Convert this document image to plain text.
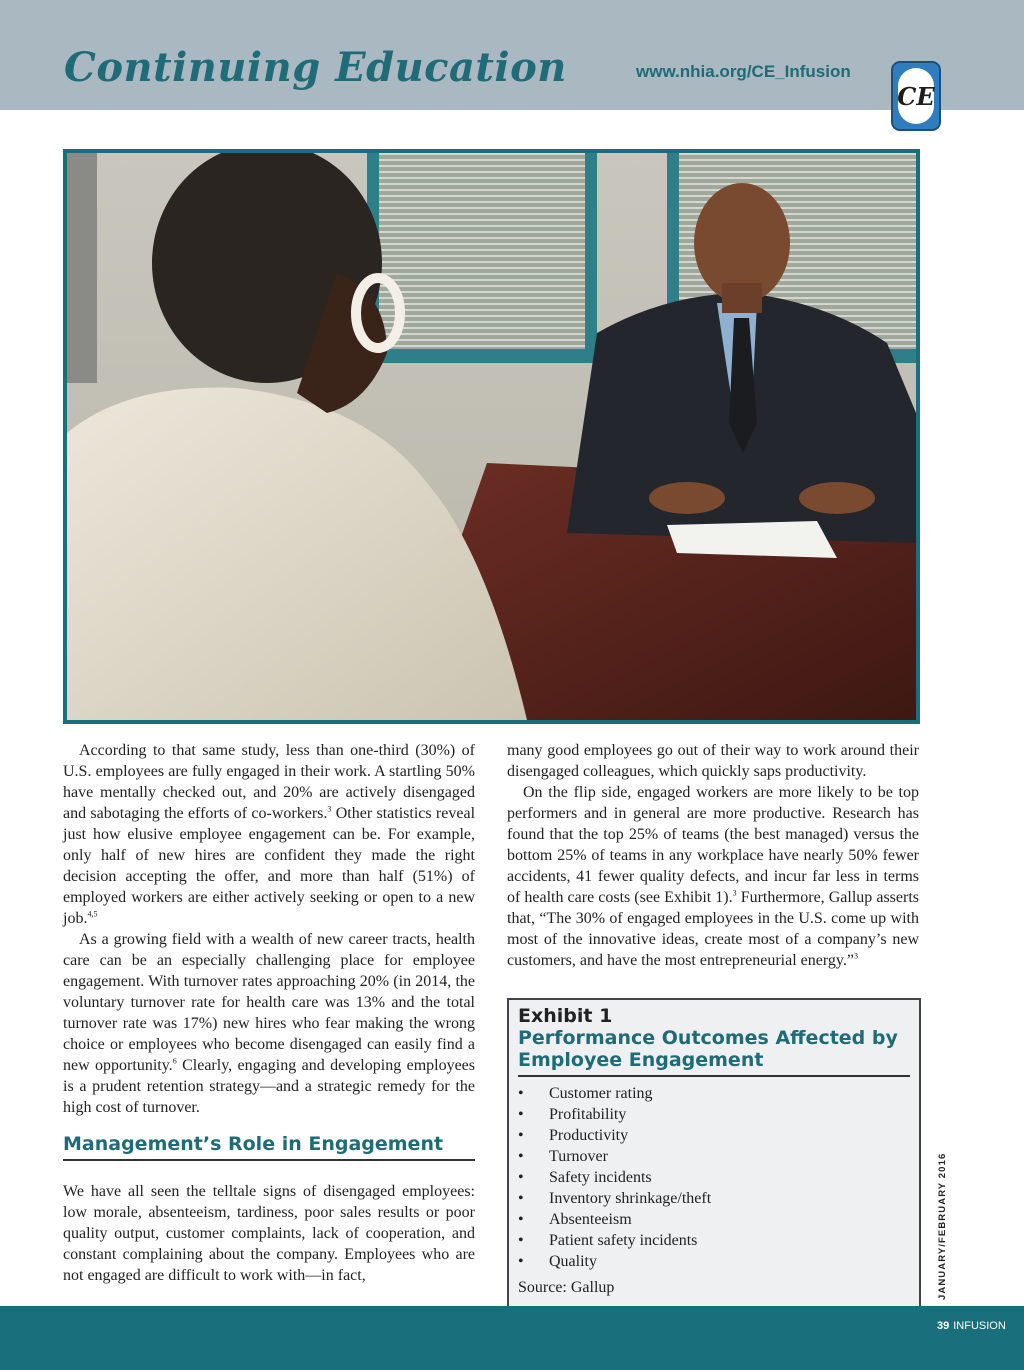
Continuing Education	www.nhia.org/CE_Infusion
CE

According to that same study, less than one-third (30%) of U.S. employees are fully engaged in their work. A startling 50% have mentally checked out, and 20% are actively disengaged and sabotaging the efforts of co-workers.$^3$ Other statistics reveal just how elusive employee engagement can be. For example, only half of new hires are confident they made the right decision accepting the offer, and more than half (51%) of employed workers are either actively seeking or open to a new job.$^{4,5}$

As a growing field with a wealth of new career tracts, health care can be an especially challenging place for employee engagement. With turnover rates approaching 20% (in 2014, the voluntary turnover rate for health care was 13% and the total turnover rate was 17%) new hires who fear making the wrong choice or employees who become disengaged can easily find a new opportunity.$^6$ Clearly, engaging and developing employees is a prudent retention strategy—and a strategic remedy for the high cost of turnover.

Management’s Role in Engagement

We have all seen the telltale signs of disengaged employees: low morale, absenteeism, tardiness, poor sales results or poor quality output, customer complaints, lack of cooperation, and constant complaining about the company. Employees who are not engaged are difficult to work with—in fact,

many good employees go out of their way to work around their disengaged colleagues, which quickly saps productivity.

On the flip side, engaged workers are more likely to be top performers and in general are more productive. Research has found that the top 25% of teams (the best managed) versus the bottom 25% of teams in any workplace have nearly 50% fewer accidents, 41 fewer quality defects, and incur far less in terms of health care costs (see Exhibit 1).$^3$ Furthermore, Gallup asserts that, “The 30% of engaged employees in the U.S. come up with most of the innovative ideas, create most of a company’s new customers, and have the most entrepreneurial energy.”$^3$

Exhibit 1
Performance Outcomes Affected by Employee Engagement
• Customer rating
• Profitability
• Productivity
• Turnover
• Safety incidents
• Inventory shrinkage/theft
• Absenteeism
• Patient safety incidents
• Quality
Source: Gallup	JANUARY/FEBRUARY 2016
39 INFUSION
